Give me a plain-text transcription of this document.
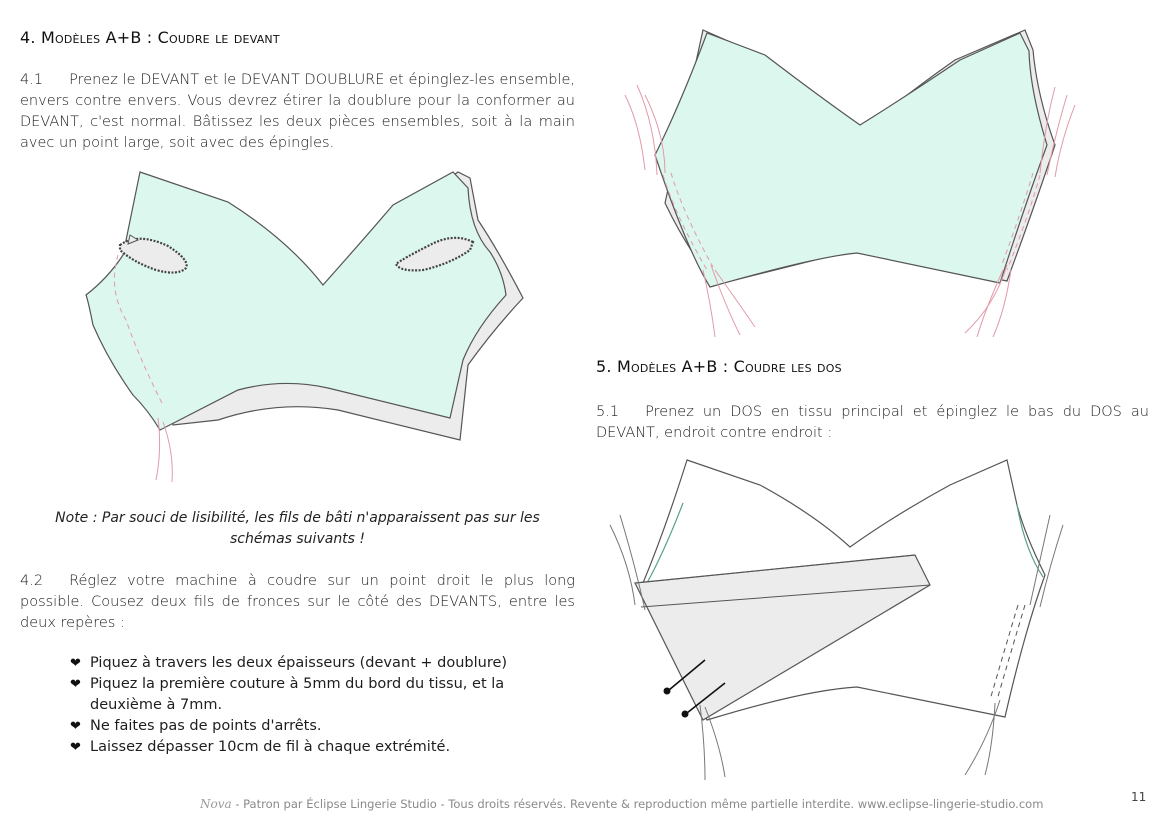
4. Modèles A+B : Coudre le devant
4.1 Prenez le DEVANT et le DEVANT DOUBLURE et épinglez-les ensemble, envers contre envers. Vous devrez étirer la doublure pour la conformer au DEVANT, c'est normal. Bâtissez les deux pièces ensembles, soit à la main avec un point large, soit avec des épingles.
Note : Par souci de lisibilité, les fils de bâti n'apparaissent pas sur les schémas suivants !
4.2 Réglez votre machine à coudre sur un point droit le plus long possible. Cousez deux fils de fronces sur le côté des DEVANTS, entre les deux repères :
❤ Piquez à travers les deux épaisseurs (devant + doublure)
❤ Piquez la première couture à 5mm du bord du tissu, et la deuxième à 7mm.
❤ Ne faites pas de points d'arrêts.
❤ Laissez dépasser 10cm de fil à chaque extrémité.
5. Modèles A+B : Coudre les dos
5.1 Prenez un DOS en tissu principal et épinglez le bas du DOS au DEVANT, endroit contre endroit :
Nova - Patron par Éclipse Lingerie Studio - Tous droits réservés. Revente & reproduction même partielle interdite. www.eclipse-lingerie-studio.com	11
